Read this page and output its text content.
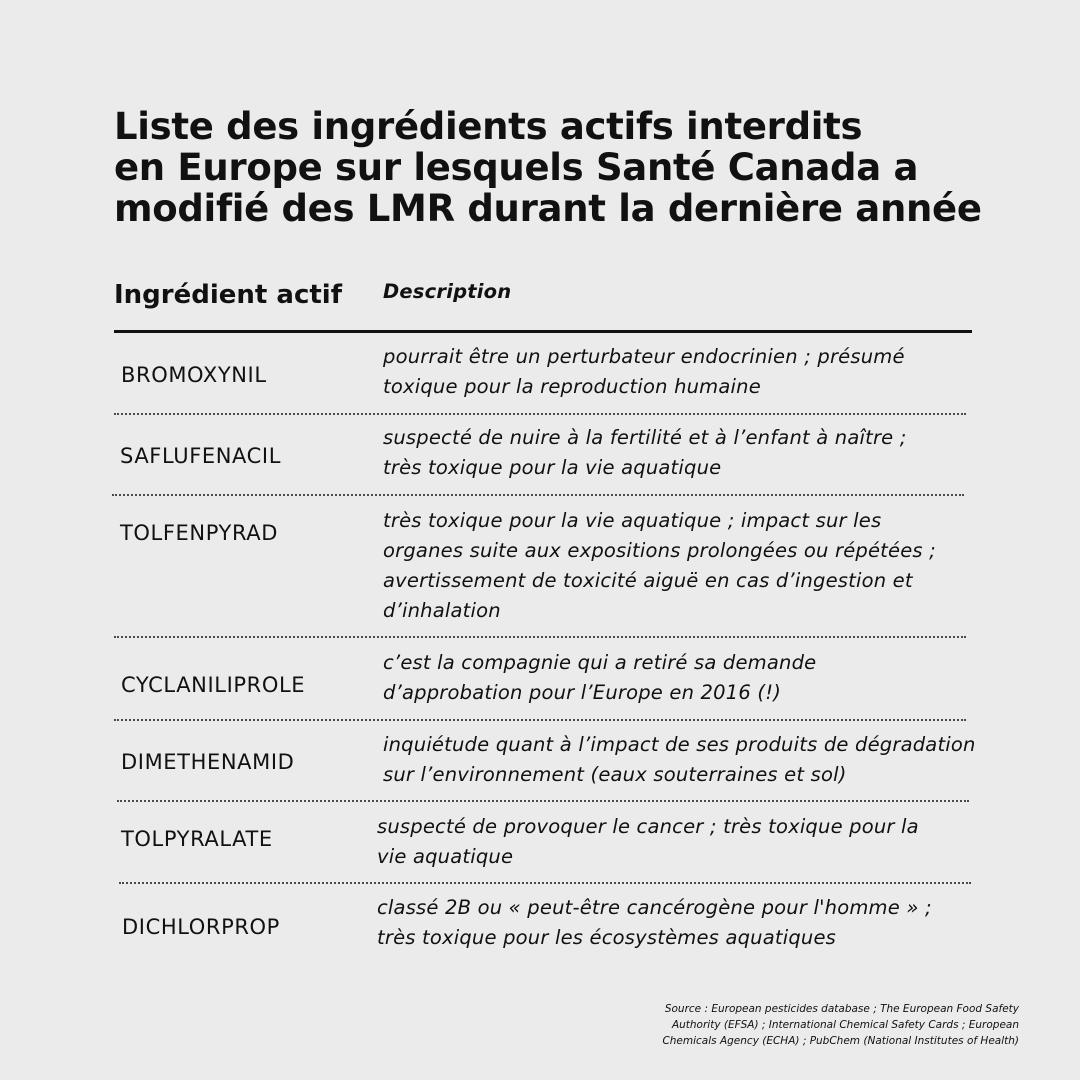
Liste des ingrédients actifs interdits
en Europe sur lesquels Santé Canada a
modifié des LMR durant la dernière année
Ingrédient actif Description
BROMOXYNIL
pourrait être un perturbateur endocrinien ; présumé
toxique pour la reproduction humaine
SAFLUFENACIL
suspecté de nuire à la fertilité et à l’enfant à naître ;
très toxique pour la vie aquatique
TOLFENPYRAD
très toxique pour la vie aquatique ; impact sur les
organes suite aux expositions prolongées ou répétées ;
avertissement de toxicité aiguë en cas d’ingestion et
d’inhalation
CYCLANILIPROLE
c’est la compagnie qui a retiré sa demande
d’approbation pour l’Europe en 2016 (!)
DIMETHENAMID
inquiétude quant à l’impact de ses produits de dégradation
sur l’environnement (eaux souterraines et sol)
TOLPYRALATE
suspecté de provoquer le cancer ; très toxique pour la
vie aquatique
DICHLORPROP
classé 2B ou « peut-être cancérogène pour l'homme » ;
très toxique pour les écosystèmes aquatiques
Source : European pesticides database ; The European Food Safety
Authority (EFSA) ; International Chemical Safety Cards ; European
Chemicals Agency (ECHA) ; PubChem (National Institutes of Health)
